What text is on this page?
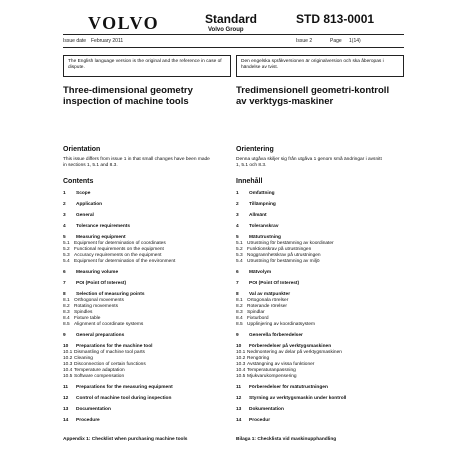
VOLVO	Standard
Volvo Group
STD 813-0001
Issue date February 2011	Issue 2	Page 1(14)
The English language version is the original and the reference in case of dispute.
Den engelska språkversionen är originalversion och ska åberopas i händelse av tvist.
Three-dimensional geometry inspection of machine tools
Tredimensionell geometri-kontroll av verktygs-maskiner
Orientation
This issue differs from issue 1 in that small changes have been made in sections 1, 5.1 and 8.3.
Orientering
Denna utgåva skiljer sig från utgåva 1 genom små ändringar i avsnitt 1, 5.1 och 8.3.
Contents	Innehåll
1 Scope
2 Application
3 General
4 Tolerance requirements
5 Measuring equipment
5.1 Equipment for determination of coordinates
5.2 Functional requirements on the equipment
5.3 Accuracy requirements on the equipment
5.4 Equipment for determination of the environment
6 Measuring volume
7 POI (Point Of Interest)
8 Selection of measuring points
8.1 Orthogonal movements
8.2 Rotating movements
8.3 Spindles
8.4 Fixture table
8.5 Alignment of coordinate systems
9 General preparations
10 Preparations for the machine tool
10.1 Dismantling of machine tool parts
10.2 Cleaning
10.3 Disconnection of certain functions
10.4 Temperature adaptation
10.5 Software compensation
11 Preparations for the measuring equipment
12 Control of machine tool during inspection
13 Documentation
14 Procedure
1 Omfattning
2 Tillämpning
3 Allmänt
4 Toleranskrav
5 Mätutrustning
5.1 Utrustning för bestämning av koordinater
5.2 Funktionskrav på utrustningen
5.3 Noggrannhetskrav på utrustningen
5.4 Utrustning för bestämning av miljö
6 Mätvolym
7 POI (Point Of Interest)
8 Val av mätpunkter
8.1 Ortogonala rörelser
8.2 Roterande rörelser
8.3 Spindlar
8.4 Fixturbord
8.5 Upplinjering av koordinatsystem
9 Generella förberedelser
10 Förberedelser på verktygsmaskinen
10.1 Nedmontering av delar på verktygsmaskinen
10.2 Rengöring
10.3 Avstängning av vissa funktioner
10.4 Temperaturanpassning
10.5 Mjukvarukompensering
11 Förberedelser för mätutrustningen
12 Styrning av verktygsmaskin under kontroll
13 Dokumentation
14 Procedur
Appendix 1: Checklist when purchasing machine tools	Bilaga 1: Checklista vid maskinupphandling
